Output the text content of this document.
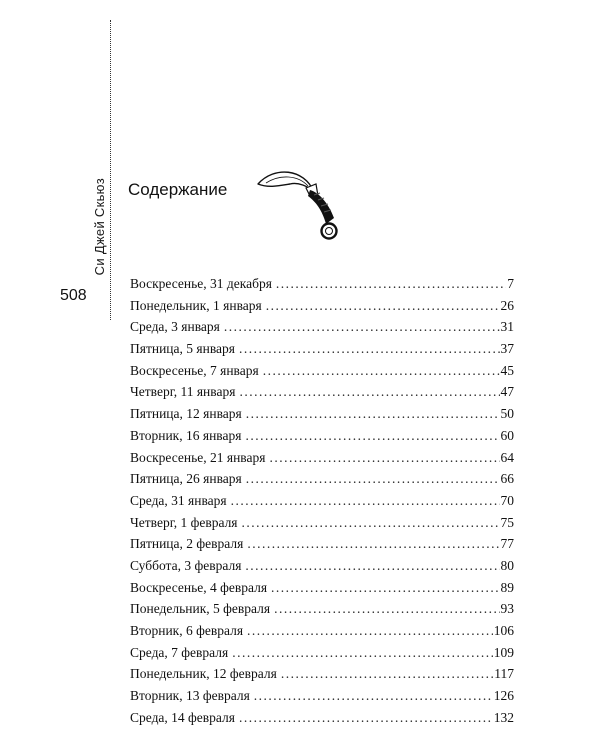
Си Джей Скьюз
508
Содержание
Воскресенье, 31 декабря .....	7
Понедельник, 1 января .....	26
Среда, 3 января .....	31
Пятница, 5 января .....	37
Воскресенье, 7 января .....	45
Четверг, 11 января .....	47
Пятница, 12 января .....	50
Вторник, 16 января .....	60
Воскресенье, 21 января .....	64
Пятница, 26 января .....	66
Среда, 31 января .....	70
Четверг, 1 февраля .....	75
Пятница, 2 февраля .....	77
Суббота, 3 февраля .....	80
Воскресенье, 4 февраля .....	89
Понедельник, 5 февраля .....	93
Вторник, 6 февраля .....	106
Среда, 7 февраля .....	109
Понедельник, 12 февраля .....	117
Вторник, 13 февраля .....	126
Среда, 14 февраля .....	132
